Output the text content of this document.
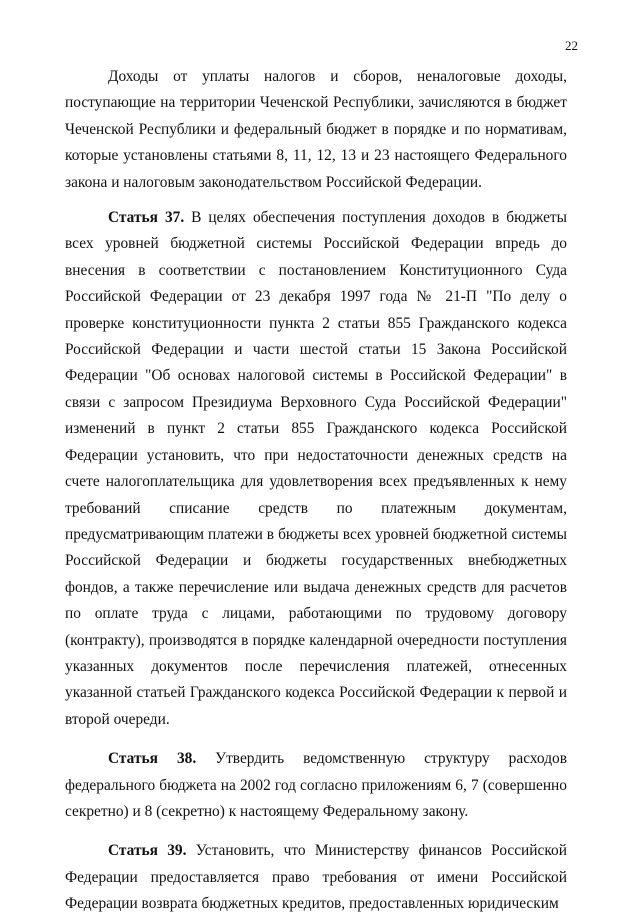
22

Доходы от уплаты налогов и сборов, неналоговые доходы, поступающие на территории Чеченской Республики, зачисляются в бюджет Чеченской Республики и федеральный бюджет в порядке и по нормативам, которые установлены статьями 8, 11, 12, 13 и 23 настоящего Федерального закона и налоговым законодательством Российской Федерации.

Статья 37. В целях обеспечения поступления доходов в бюджеты всех уровней бюджетной системы Российской Федерации впредь до внесения в соответствии с постановлением Конституционного Суда Российской Федерации от 23 декабря 1997 года № 21-П "По делу о проверке конституционности пункта 2 статьи 855 Гражданского кодекса Российской Федерации и части шестой статьи 15 Закона Российской Федерации "Об основах налоговой системы в Российской Федерации" в связи с запросом Президиума Верховного Суда Российской Федерации" изменений в пункт 2 статьи 855 Гражданского кодекса Российской Федерации установить, что при недостаточности денежных средств на счете налогоплательщика для удовлетворения всех предъявленных к нему требований списание средств по платежным документам, предусматривающим платежи в бюджеты всех уровней бюджетной системы Российской Федерации и бюджеты государственных внебюджетных фондов, а также перечисление или выдача денежных средств для расчетов по оплате труда с лицами, работающими по трудовому договору (контракту), производятся в порядке календарной очередности поступления указанных документов после перечисления платежей, отнесенных указанной статьей Гражданского кодекса Российской Федерации к первой и второй очереди.

Статья 38. Утвердить ведомственную структуру расходов федерального бюджета на 2002 год согласно приложениям 6, 7 (совершенно секретно) и 8 (секретно) к настоящему Федеральному закону.

Статья 39. Установить, что Министерству финансов Российской Федерации предоставляется право требования от имени Российской Федерации возврата бюджетных кредитов, предоставленных юридическим
